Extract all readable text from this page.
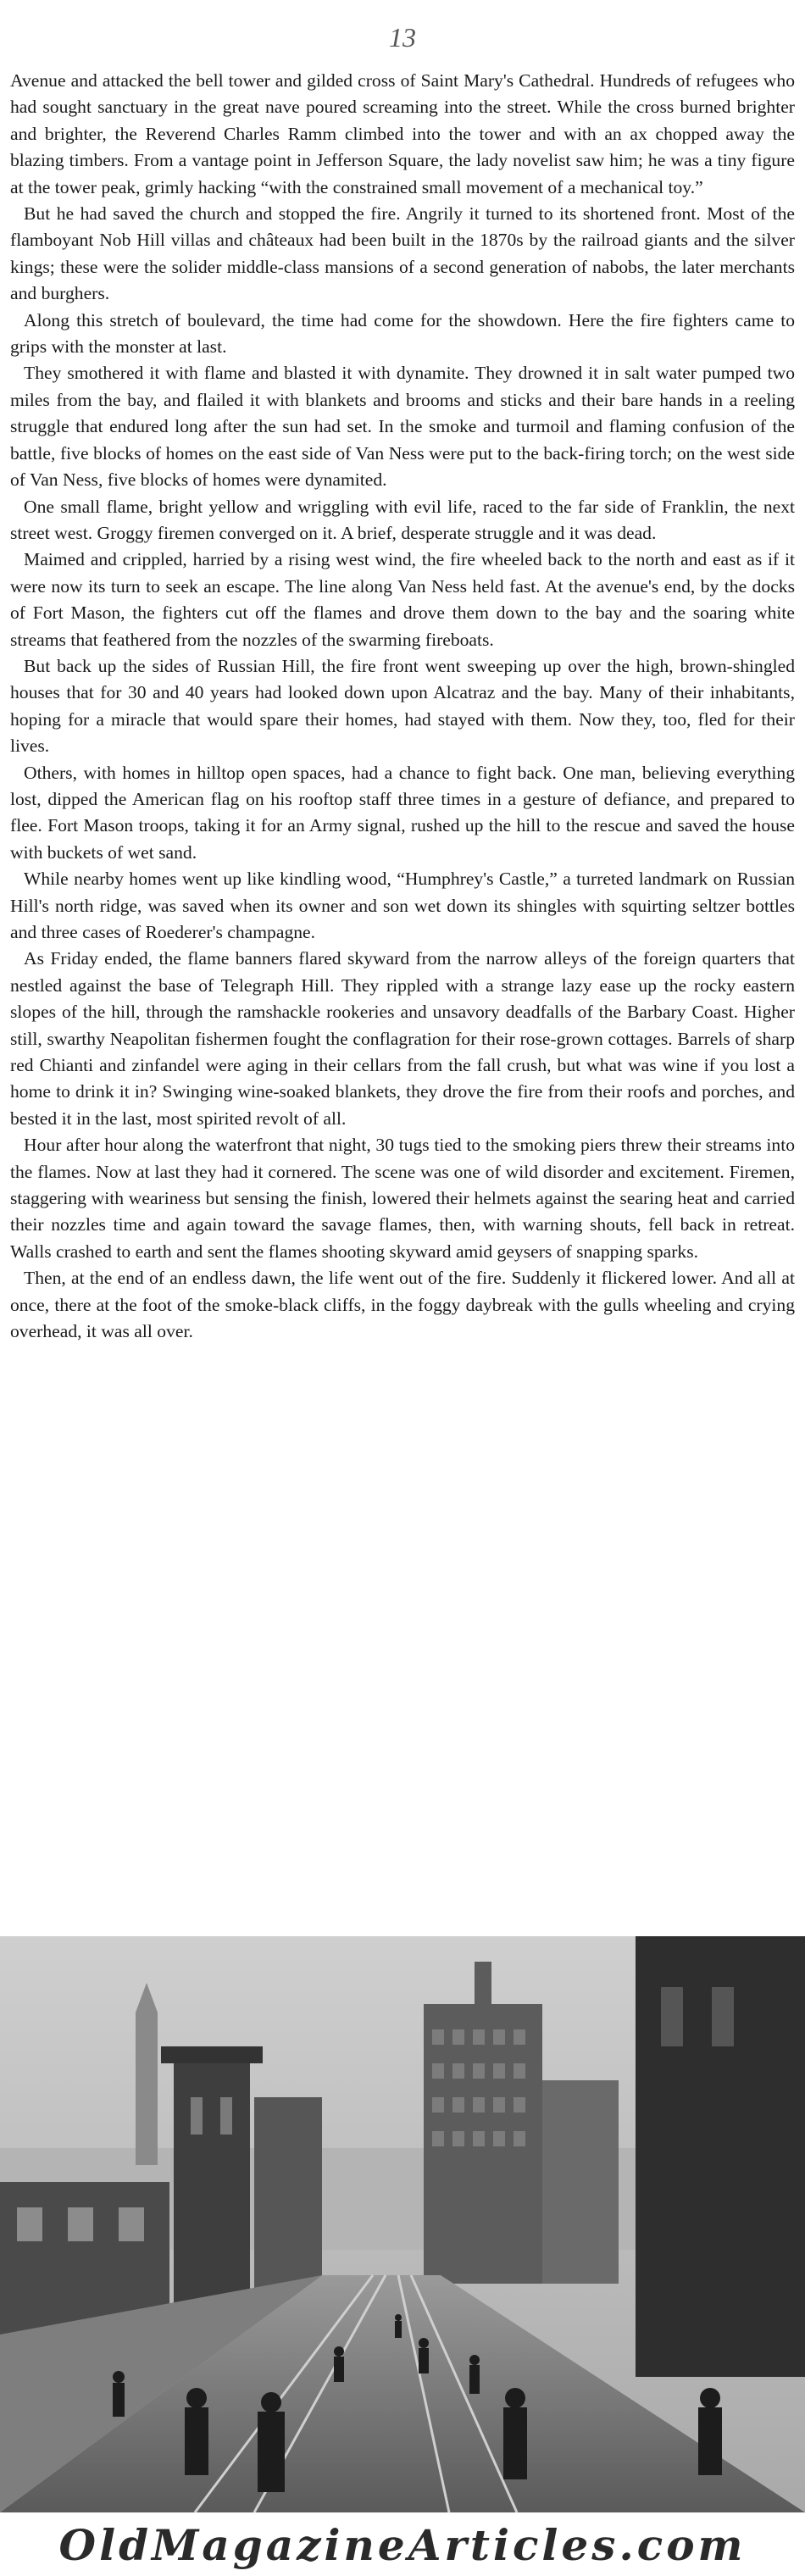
13

Avenue and attacked the bell tower and gilded cross of Saint Mary's Cathedral. Hundreds of refugees who had sought sanctuary in the great nave poured screaming into the street. While the cross burned brighter and brighter, the Reverend Charles Ramm climbed into the tower and with an ax chopped away the blazing timbers. From a vantage point in Jefferson Square, the lady novelist saw him; he was a tiny figure at the tower peak, grimly hacking “with the constrained small movement of a mechanical toy.”

But he had saved the church and stopped the fire. Angrily it turned to its shortened front. Most of the flamboyant Nob Hill villas and châteaux had been built in the 1870s by the railroad giants and the silver kings; these were the solider middle-class mansions of a second generation of nabobs, the later merchants and burghers.

Along this stretch of boulevard, the time had come for the showdown. Here the fire fighters came to grips with the monster at last.

They smothered it with flame and blasted it with dynamite. They drowned it in salt water pumped two miles from the bay, and flailed it with blankets and brooms and sticks and their bare hands in a reeling struggle that endured long after the sun had set. In the smoke and turmoil and flaming confusion of the battle, five blocks of homes on the east side of Van Ness were put to the back-firing torch; on the west side of Van Ness, five blocks of homes were dynamited.

One small flame, bright yellow and wriggling with evil life, raced to the far side of Franklin, the next street west. Groggy firemen converged on it. A brief, desperate struggle and it was dead.

Maimed and crippled, harried by a rising west wind, the fire wheeled back to the north and east as if it were now its turn to seek an escape. The line along Van Ness held fast. At the avenue's end, by the docks of Fort Mason, the fighters cut off the flames and drove them down to the bay and the soaring white streams that feathered from the nozzles of the swarming fireboats.

But back up the sides of Russian Hill, the fire front went sweeping up over the high, brown-shingled houses that for 30 and 40 years had looked down upon Alcatraz and the bay. Many of their inhabitants, hoping for a miracle that would spare their homes, had stayed with them. Now they, too, fled for their lives.

Others, with homes in hilltop open spaces, had a chance to fight back. One man, believing everything lost, dipped the American flag on his rooftop staff three times in a gesture of defiance, and prepared to flee. Fort Mason troops, taking it for an Army signal, rushed up the hill to the rescue and saved the house with buckets of wet sand.

While nearby homes went up like kindling wood, “Humphrey's Castle,” a turreted landmark on Russian Hill's north ridge, was saved when its owner and son wet down its shingles with squirting seltzer bottles and three cases of Roederer's champagne.

As Friday ended, the flame banners flared skyward from the narrow alleys of the foreign quarters that nestled against the base of Telegraph Hill. They rippled with a strange lazy ease up the rocky eastern slopes of the hill, through the ramshackle rookeries and unsavory deadfalls of the Barbary Coast. Higher still, swarthy Neapolitan fishermen fought the conflagration for their rose-grown cottages. Barrels of sharp red Chianti and zinfandel were aging in their cellars from the fall crush, but what was wine if you lost a home to drink it in? Swinging wine-soaked blankets, they drove the fire from their roofs and porches, and bested it in the last, most spirited revolt of all.

Hour after hour along the waterfront that night, 30 tugs tied to the smoking piers threw their streams into the flames. Now at last they had it cornered. The scene was one of wild disorder and excitement. Firemen, staggering with weariness but sensing the finish, lowered their helmets against the searing heat and carried their nozzles time and again toward the savage flames, then, with warning shouts, fell back in retreat. Walls crashed to earth and sent the flames shooting skyward amid geysers of snapping sparks.

Then, at the end of an endless dawn, the life went out of the fire. Suddenly it flickered lower. And all at once, there at the foot of the smoke-black cliffs, in the foggy daybreak with the gulls wheeling and crying overhead, it was all over.

OldMagazineArticles.com
